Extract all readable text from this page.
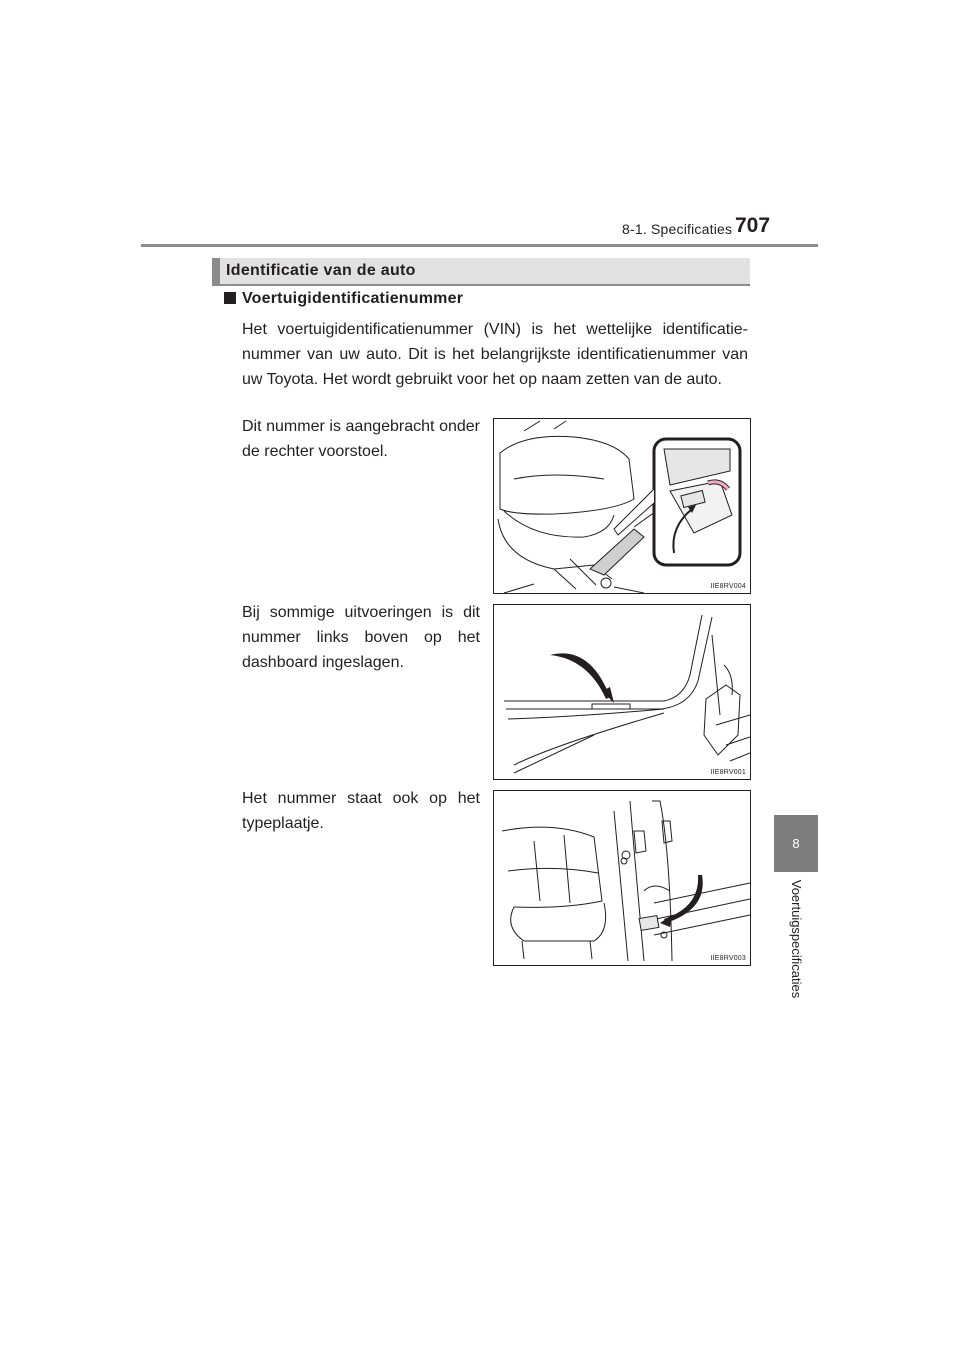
8-1. Specificaties 707
8
Voertuigspecificaties
Identificatie van de auto
Voertuigidentificatienummer
Het voertuigidentificatienummer (VIN) is het wettelijke identificatie-nummer van uw auto. Dit is het belangrijkste identificatienummer van uw Toyota. Het wordt gebruikt voor het op naam zetten van de auto.
Dit nummer is aangebracht onder de rechter voorstoel.
IIE8RV004
Bij sommige uitvoeringen is dit nummer links boven op het dashboard ingeslagen.
IIE8RV001
Het nummer staat ook op het typeplaatje.
IIE8RV003
